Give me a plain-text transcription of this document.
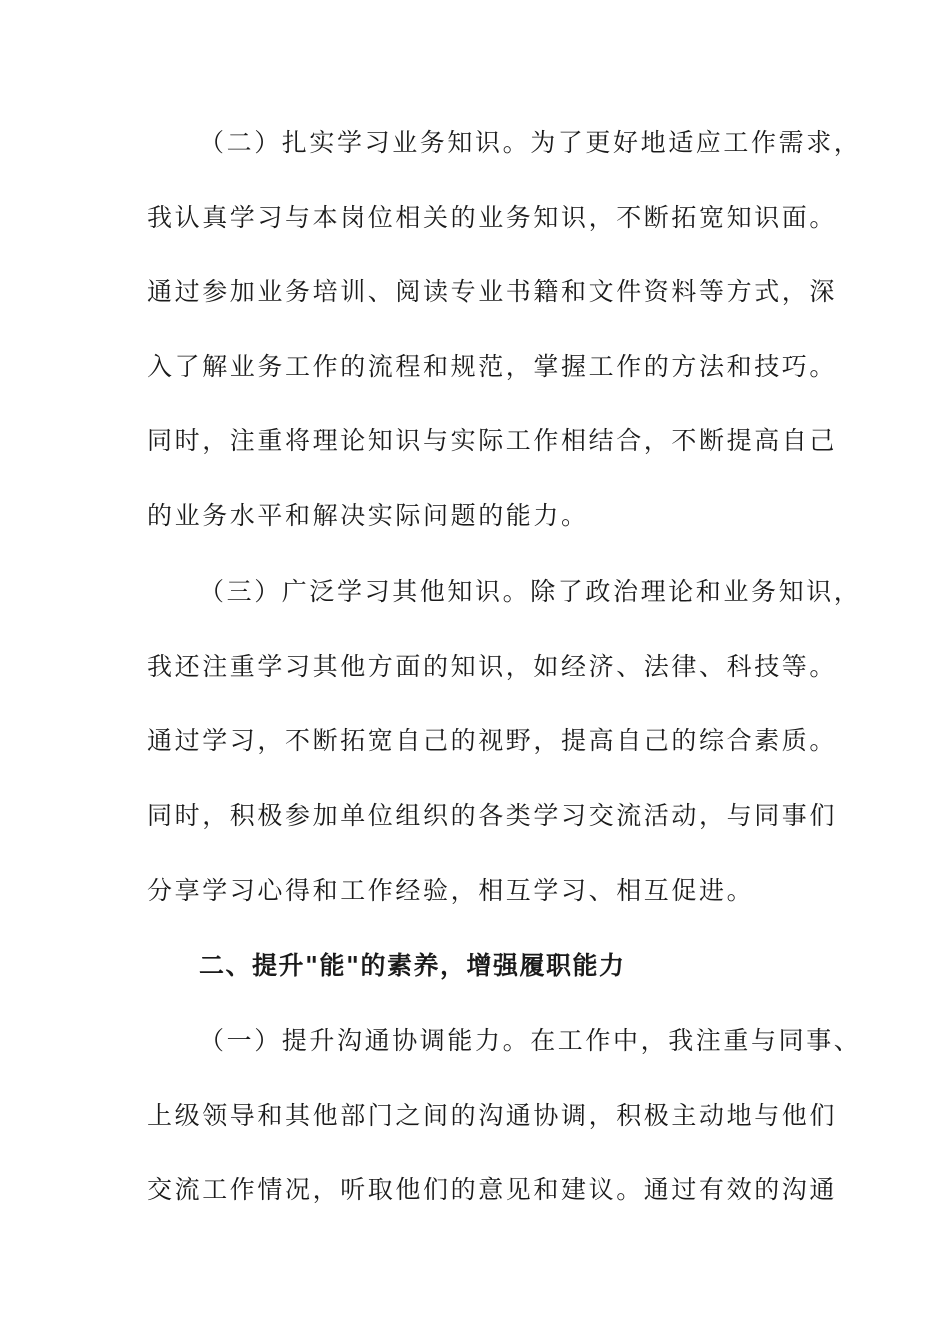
（二）扎实学习业务知识。为了更好地适应工作需求，
我认真学习与本岗位相关的业务知识，不断拓宽知识面。
通过参加业务培训、阅读专业书籍和文件资料等方式，深
入了解业务工作的流程和规范，掌握工作的方法和技巧。
同时，注重将理论知识与实际工作相结合，不断提高自己
的业务水平和解决实际问题的能力。
（三）广泛学习其他知识。除了政治理论和业务知识，
我还注重学习其他方面的知识，如经济、法律、科技等。
通过学习，不断拓宽自己的视野，提高自己的综合素质。
同时，积极参加单位组织的各类学习交流活动，与同事们
分享学习心得和工作经验，相互学习、相互促进。
二、提升"能"的素养，增强履职能力
（一）提升沟通协调能力。在工作中，我注重与同事、
上级领导和其他部门之间的沟通协调，积极主动地与他们
交流工作情况，听取他们的意见和建议。通过有效的沟通
